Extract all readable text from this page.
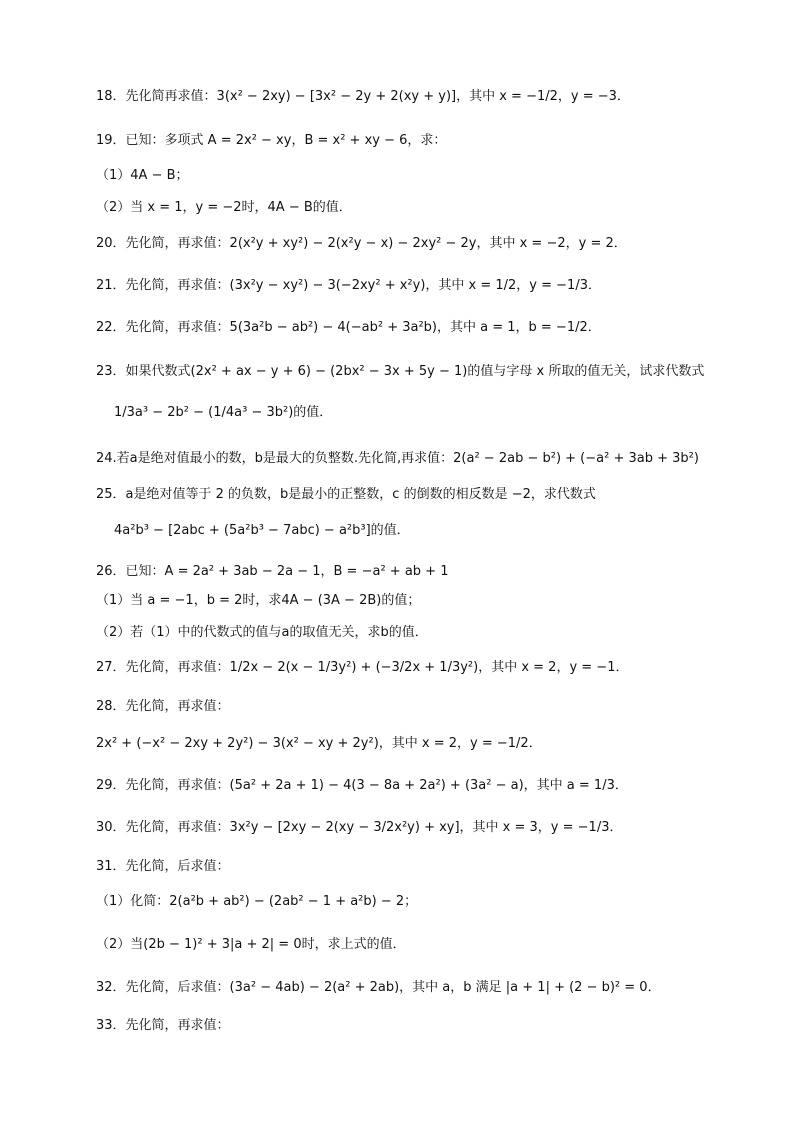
18．先化简再求值：3(x² − 2xy) − [3x² − 2y + 2(xy + y)]，其中 x = −1/2，y = −3．
19．已知：多项式 A = 2x² − xy，B = x² + xy − 6，求：
（1）4A − B；
（2）当 x = 1，y = −2时，4A − B的值．
20．先化简，再求值：2(x²y + xy²) − 2(x²y − x) − 2xy² − 2y，其中 x = −2，y = 2．
21．先化简，再求值：(3x²y − xy²) − 3(−2xy² + x²y)，其中 x = 1/2，y = −1/3．
22．先化简，再求值：5(3a²b − ab²) − 4(−ab² + 3a²b)，其中 a = 1，b = −1/2．
23．如果代数式(2x² + ax − y + 6) − (2bx² − 3x + 5y − 1)的值与字母 x 所取的值无关，试求代数式
1/3a³ − 2b² − (1/4a³ − 3b²)的值．
24.若a是绝对值最小的数，b是最大的负整数.先化简,再求值：2(a² − 2ab − b²) + (−a² + 3ab + 3b²)
25．a是绝对值等于 2 的负数，b是最小的正整数，c 的倒数的相反数是 −2，求代数式
4a²b³ − [2abc + (5a²b³ − 7abc) − a²b³]的值．
26．已知：A = 2a² + 3ab − 2a − 1，B = −a² + ab + 1
（1）当 a = −1，b = 2时，求4A − (3A − 2B)的值；
（2）若（1）中的代数式的值与a的取值无关，求b的值．
27．先化简，再求值：1/2x − 2(x − 1/3y²) + (−3/2x + 1/3y²)，其中 x = 2，y = −1．
28．先化简，再求值：
2x² + (−x² − 2xy + 2y²) − 3(x² − xy + 2y²)，其中 x = 2，y = −1/2．
29．先化简，再求值：(5a² + 2a + 1) − 4(3 − 8a + 2a²) + (3a² − a)，其中 a = 1/3．
30．先化简，再求值：3x²y − [2xy − 2(xy − 3/2x²y) + xy]，其中 x = 3，y = −1/3．
31．先化简，后求值：
（1）化简：2(a²b + ab²) − (2ab² − 1 + a²b) − 2；
（2）当(2b − 1)² + 3|a + 2| = 0时，求上式的值．
32．先化简，后求值：(3a² − 4ab) − 2(a² + 2ab)，其中 a，b 满足 |a + 1| + (2 − b)² = 0．
33．先化简，再求值：
